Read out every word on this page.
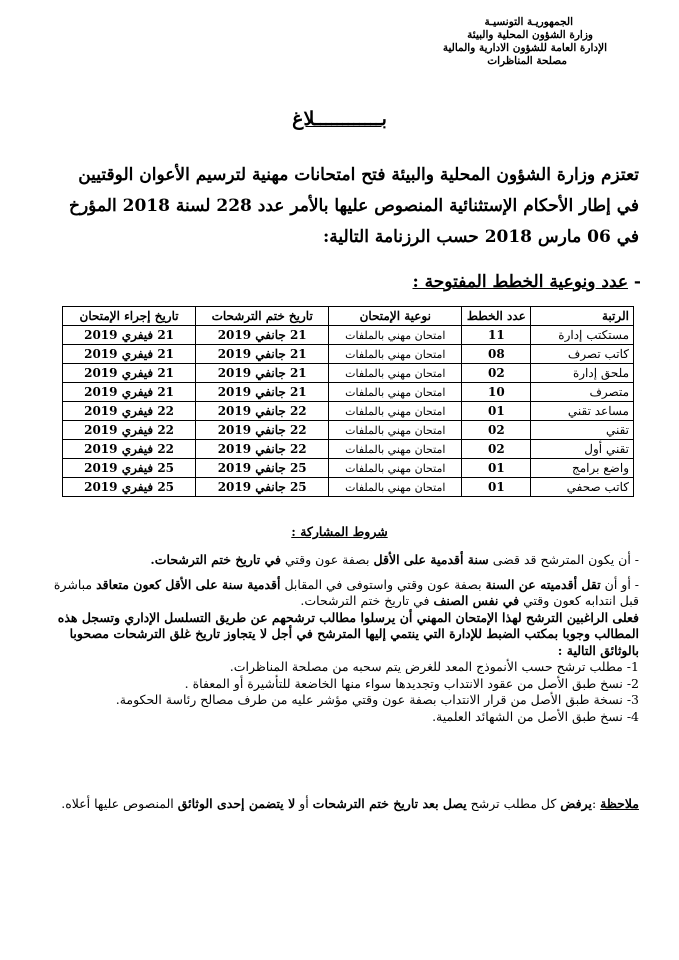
الجمهوريـة التونسيـة
وزارة الشؤون المحلية والبيئة
الإدارة العامة للشؤون الادارية والمالية
مصلحة المناظرات
بــــــــــــلاغ

تعتزم وزارة الشؤون المحلية والبيئة فتح امتحانات مهنية لترسيم الأعوان الوقتيين

في إطار الأحكام الإستثنائية المنصوص عليها بالأمر عدد 228 لسنة 2018 المؤرخ

في 06 مارس 2018 حسب الرزنامة التالية:

- عدد ونوعية الخطط المفتوحة :
الرتبة	عدد الخطط	نوعية الإمتحان	تاريخ ختم الترشحات	تاريخ إجراء الإمتحان
مستكتب إدارة	11	امتحان مهني بالملفات	21 جانفي 2019	21 فيفري 2019
كاتب تصرف	08	امتحان مهني بالملفات	21 جانفي 2019	21 فيفري 2019
ملحق إدارة	02	امتحان مهني بالملفات	21 جانفي 2019	21 فيفري 2019
متصرف	10	امتحان مهني بالملفات	21 جانفي 2019	21 فيفري 2019
مساعد تقني	01	امتحان مهني بالملفات	22 جانفي 2019	22 فيفري 2019
تقني	02	امتحان مهني بالملفات	22 جانفي 2019	22 فيفري 2019
تقني أول	02	امتحان مهني بالملفات	22 جانفي 2019	22 فيفري 2019
واضع برامج	01	امتحان مهني بالملفات	25 جانفي 2019	25 فيفري 2019
كاتب صحفي	01	امتحان مهني بالملفات	25 جانفي 2019	25 فيفري 2019
شروط المشاركة :

- أن يكون المترشح قد قضى سنة أقدمية على الأقل بصفة عون وقتي في تاريخ ختم الترشحات.

- أو أن تقل أقدميته عن السنة بصفة عون وقتي واستوفى في المقابل أقدمية سنة على الأقل كعون متعاقد مباشرة قبل انتدابه كعون وقتي في نفس الصنف في تاريخ ختم الترشحات.

فعلى الراغبين الترشح لهذا الإمتحان المهني أن يرسلوا مطالب ترشحهم عن طريق التسلسل الإداري وتسجل هذه المطالب وجوبا بمكتب الضبط للإدارة التي ينتمي إليها المترشح في أجل لا يتجاوز تاريخ غلق الترشحات مصحوبا بالوثائق التالية :

1- مطلب ترشح حسب الأنموذج المعد للغرض يتم سحبه من مصلحة المناظرات.

2- نسخ طبق الأصل من عقود الانتداب وتجديدها سواء منها الخاضعة للتأشيرة أو المعفاة .

3- نسخة طبق الأصل من قرار الانتداب بصفة عون وقتي مؤشر عليه من طرف مصالح رئاسة الحكومة.

4- نسخ طبق الأصل من الشهائد العلمية.

ملاحظة :يرفض كل مطلب ترشح يصل بعد تاريخ ختم الترشحات أو لا يتضمن إحدى الوثائق المنصوص عليها أعلاه.
